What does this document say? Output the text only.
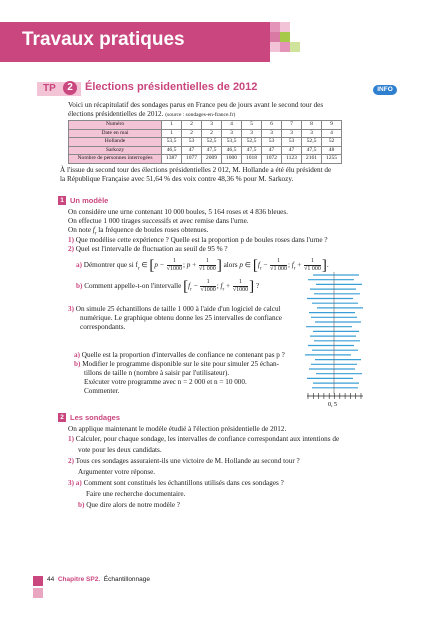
Travaux pratiques
TP	2	Élections présidentielles de 2012	INFO
Voici un récapitulatif des sondages parus en France peu de jours avant le second tour des
élections présidentielles de 2012. (source : sondages-en-france.fr)
Numéro	1	2	3	4	5	6	7	8	9
Date en mai	1	2	2	3	3	3	3	3	4
Hollande	53,5	53	52,5	53,5	52,5	53	53	52,5	52
Sarkozy	46,5	47	47,5	46,5	47,5	47	47	47,5	48
Nombre de personnes interrogées	1387	1077	2009	1000	1018	1072	1123	2161	1255
À l'issue du second tour des élections présidentielles 2 012, M. Hollande a été élu président de
la République Française avec 51,64 % des voix contre 48,36 % pour M. Sarkozy.
1 Un modèle
On considère une urne contenant 10 000 boules, 5 164 roses et 4 836 bleues.
On effectue 1 000 tirages successifs et avec remise dans l'urne.
On note $f_r$ la fréquence de boules roses obtenues.
1) Que modélise cette expérience ? Quelle est la proportion p de boules roses dans l'urne ?
2) Quel est l'intervalle de fluctuation au seuil de 95 % ?
a) Démontrer que si $f_r$ ∈ [$p - \frac{1}{√1000}$ ; $p + \frac{1}{√1 000}$ ] alors p ∈ [$f_r - \frac{1}{√1 000}$ ; $f_r + \frac{1}{√1 000}$ ].
b) Comment appelle-t-on l'intervalle [$f_r - \frac{1}{√1000}$ ; $f_r + \frac{1}{√1000}$ ] ?
3) On simule 25 échantillons de taille 1 000 à l'aide d'un logiciel de calcul
numérique. Le graphique obtenu donne les 25 intervalles de confiance
correspondants.
a) Quelle est la proportion d'intervalles de confiance ne contenant pas p ?
b) Modifier le programme disponible sur le site pour simuler 25 échan-
tillons de taille n (nombre à saisir par l'utilisateur).
Exécuter votre programme avec n = 2 000 et n = 10 000.
Commenter.
0, 5
2 Les sondages
On applique maintenant le modèle étudié à l'élection présidentielle de 2012.
1) Calculer, pour chaque sondage, les intervalles de confiance correspondant aux intentions de
vote pour les deux candidats.
2) Tous ces sondages assuraient-ils une victoire de M. Hollande au second tour ?
Argumenter votre réponse.
3) a) Comment sont constitués les échantillons utilisés dans ces sondages ?
Faire une recherche documentaire.
b) Que dire alors de notre modèle ?
44 Chapitre SP2. Échantillonnage
